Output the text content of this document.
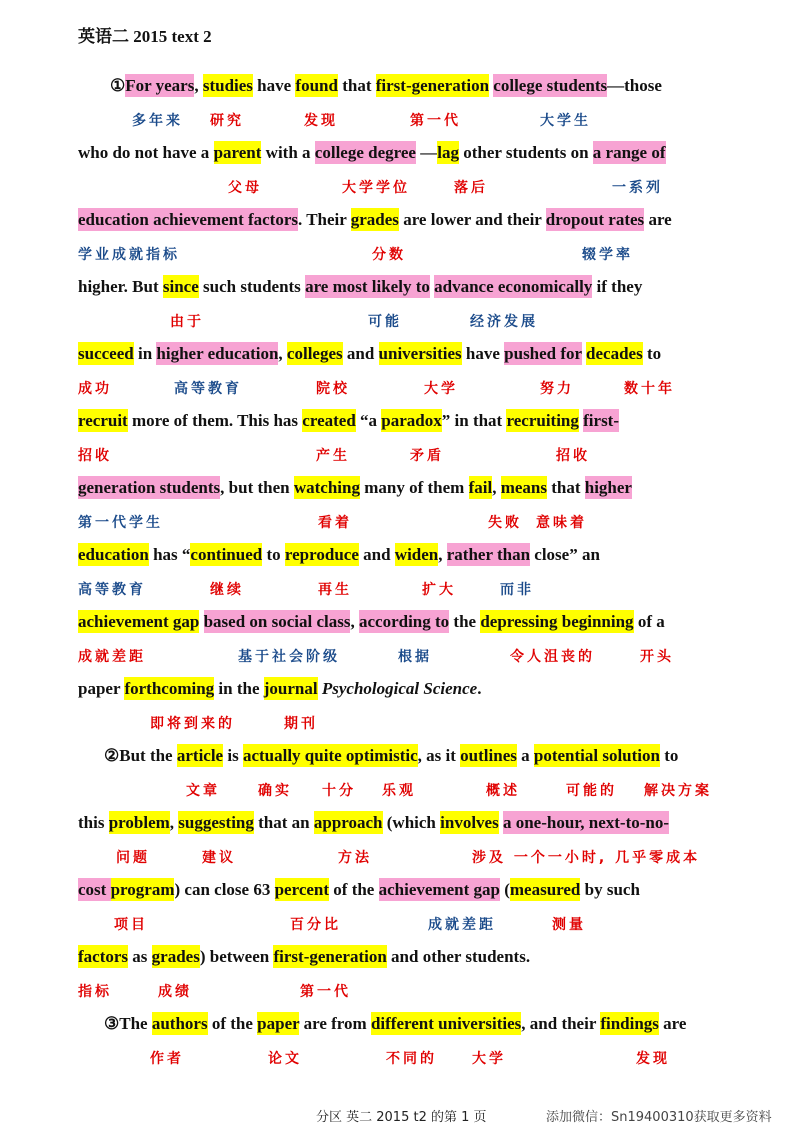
英语二 2015 text 2
①For years, studies have found that first-generation college students—those
who do not have a parent with a college degree —lag other students on a range of
education achievement factors. Their grades are lower and their dropout rates are
higher. But since such students are most likely to advance economically if they
succeed in higher education, colleges and universities have pushed for decades to
recruit more of them. This has created “a paradox” in that recruiting first-
generation students, but then watching many of them fail, means that higher
education has “continued to reproduce and widen, rather than close” an
achievement gap based on social class, according to the depressing beginning of a
paper forthcoming in the journal Psychological Science.
②But the article is actually quite optimistic, as it outlines a potential solution to
this problem, suggesting that an approach (which involves a one-hour, next-to-no-
cost program) can close 63 percent of the achievement gap (measured by such
factors as grades) between first-generation and other students.
③The authors of the paper are from different universities, and their findings are
多年来 研究	发现	第一代	大学生
父母	大学学位	落后	一系列
学业成就指标	分数	辍学率
由于	可能	经济发展
成功	高等教育	院校	大学	努力	数十年
招收	产生	矛盾	招收
第一代学生	看着	失败 意味着
高等教育	继续	再生	扩大	而非
成就差距	基于社会阶级	根据	令人沮丧的	开头
即将到来的	期刊
文章	确实 十分 乐观	概述	可能的 解决方案
问题	建议	方法	涉及 一个一小时, 几乎零成本
项目	百分比	成就差距	测量
指标	成绩	第一代
作者	论文	不同的	大学	发现
分区 英二 2015 t2 的第 1 页	添加微信：Sn19400310获取更多资料
